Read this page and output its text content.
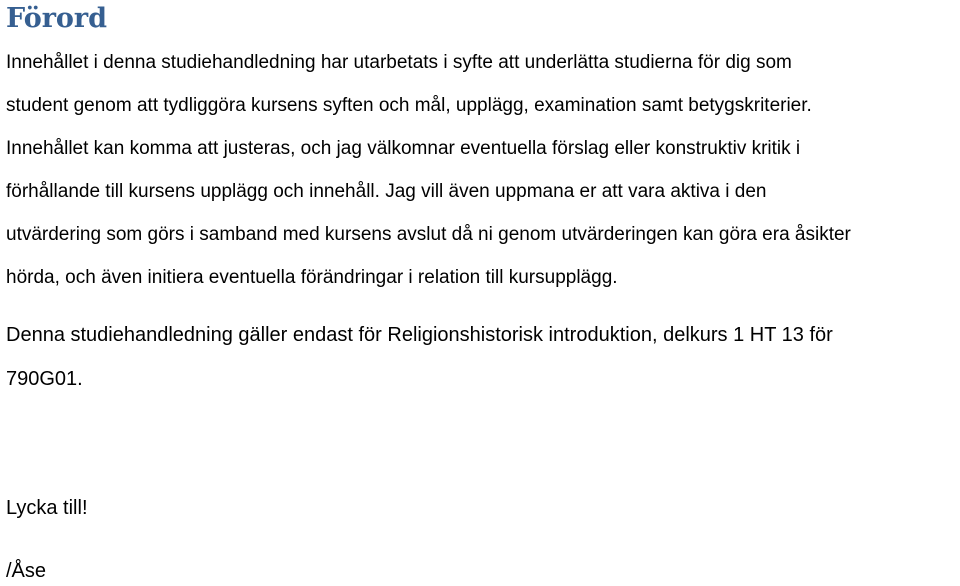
Förord

Innehållet i denna studiehandledning har utarbetats i syfte att underlätta studierna för dig som
student genom att tydliggöra kursens syften och mål, upplägg, examination samt betygskriterier.
Innehållet kan komma att justeras, och jag välkomnar eventuella förslag eller konstruktiv kritik i
förhållande till kursens upplägg och innehåll. Jag vill även uppmana er att vara aktiva i den
utvärdering som görs i samband med kursens avslut då ni genom utvärderingen kan göra era åsikter
hörda, och även initiera eventuella förändringar i relation till kursupplägg.

Denna studiehandledning gäller endast för Religionshistorisk introduktion, delkurs 1 HT 13 för
790G01.

Lycka till!

/Åse
